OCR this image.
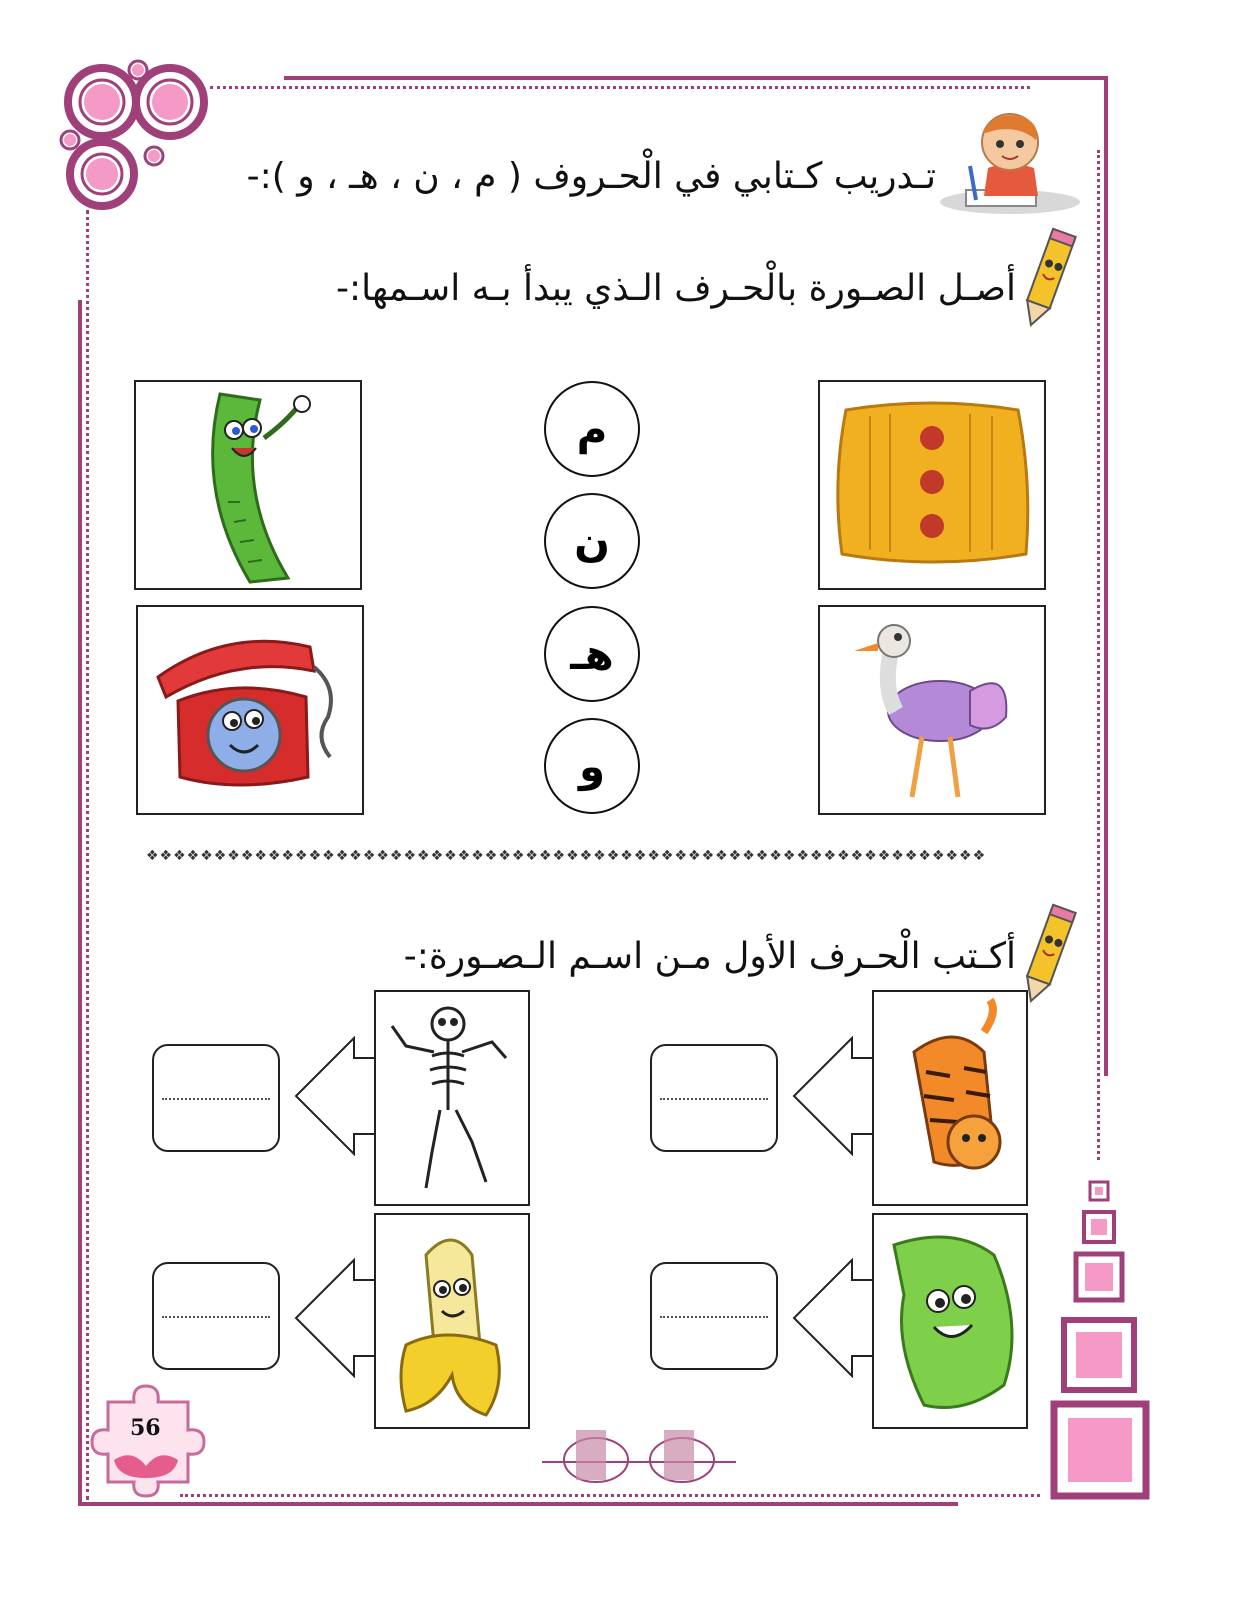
تـدريب كـتابي في الْحـروف ( م ، ن ، هـ ، و ):-
أصـل الصـورة بالْحـرف الـذي يبدأ بـه اسـمها:-
م
ن
هـ
و
❖❖❖❖❖❖❖❖❖❖❖❖❖❖❖❖❖❖❖❖❖❖❖❖❖❖❖❖❖❖❖❖❖❖❖❖❖❖❖❖❖❖❖❖❖❖❖❖❖❖❖❖❖❖❖❖❖❖❖❖❖❖
أكـتب الْحـرف الأول مـن اسـم الـصـورة:-
56
